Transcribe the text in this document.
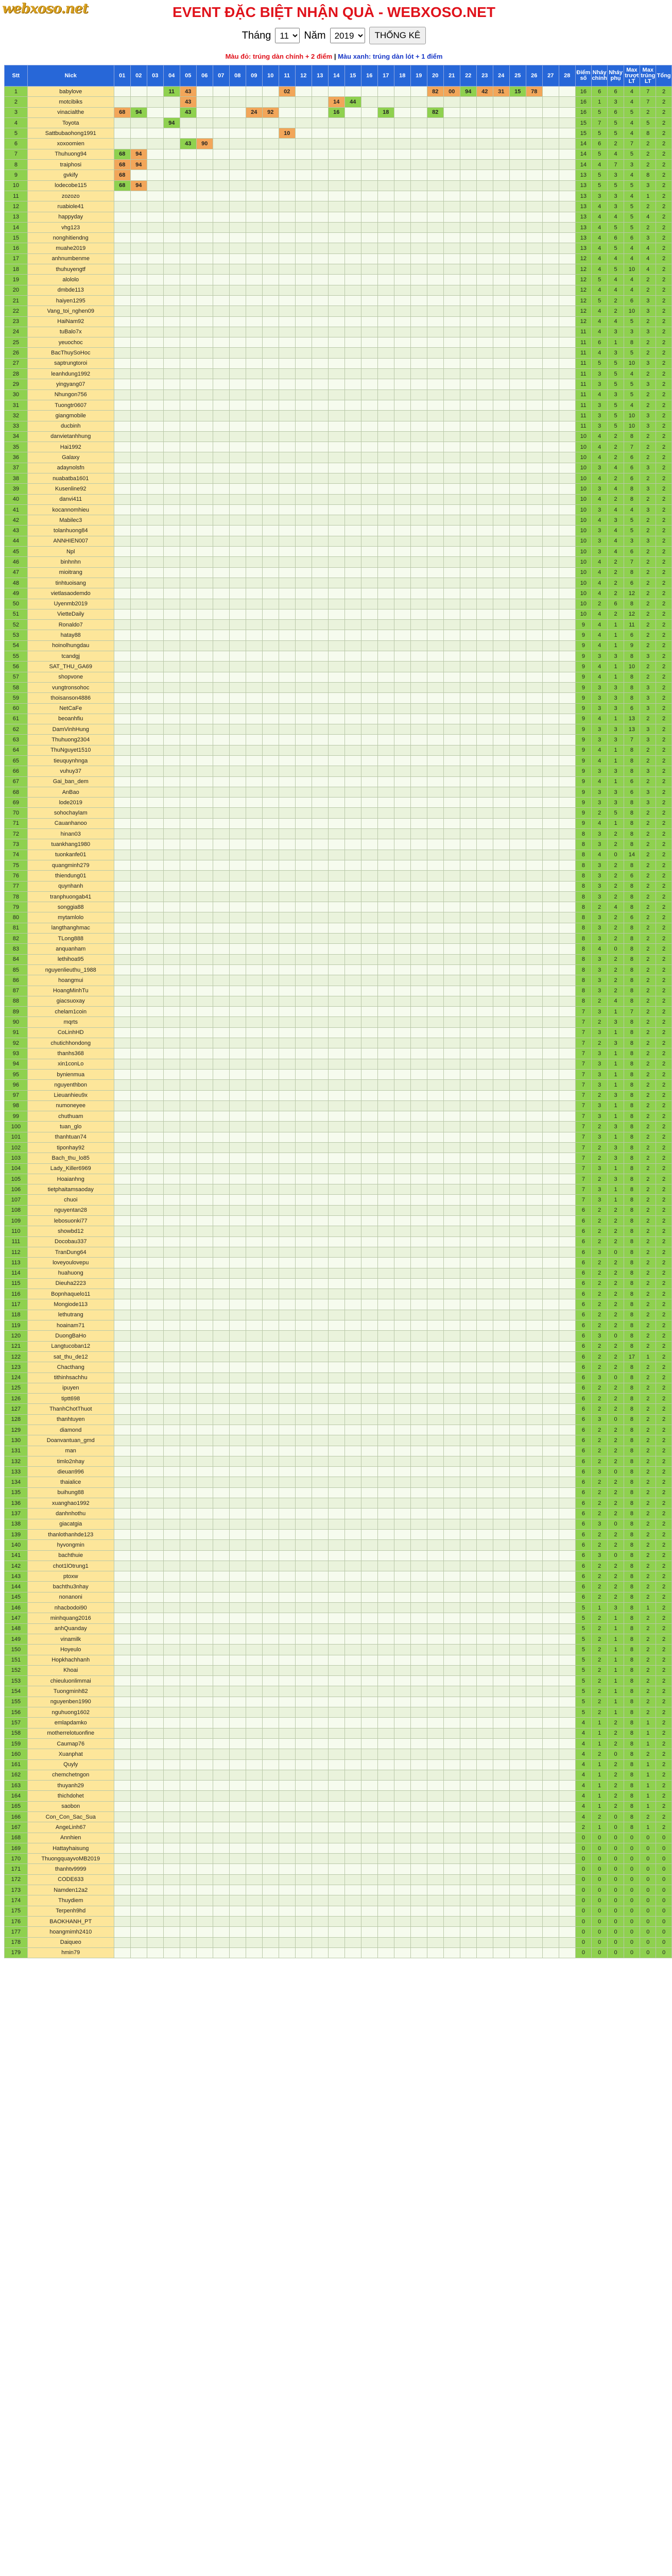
webxoso.net	EVENT ĐẶC BIỆT NHẬN QUÀ - WEBXOSO.NET
Tháng
11	Năm
2019	THỐNG KÊ
Màu đỏ: trúng dàn chính + 2 điểm | Màu xanh: trúng dàn lót + 1 điểm
Stt	Nick	01	02	03	04	05	06	07	08	09	10	11	12	13	14	15	16	17	18	19	20	21	22	23	24	25	26	27	28	Điểm số	Nháy chính	Nháy phụ	Max trượt LT	Max trúng LT	Tổng
1	babylove				11	43						02									82	00	94	42	31	15	78			16	6	6	4	7	2
2	motcibiks					43									14	44														16	1	3	4	7	2
3	vinacialthe	68	94			43				24	92				16			18			82									16	5	6	5	2	2
4	Toyota				94																									15	7	5	4	5	2
5	Sattbubaohong1991											10																		15	5	5	4	8	2
6	xoxoomien					43	90																							14	6	2	7	2	2
7	Thuhuong94	68	94																											14	5	4	5	2	2
8	traiphosi	68	94																											14	4	7	3	2	2
9	gvkify	68																												13	5	3	4	8	2
10	lodecobe115	68	94																											13	5	5	5	3	2
11	zozozo																													13	3	3	4	1	2
12	ruabiole41																													13	4	3	5	2	2
13	happyday																													13	4	4	5	4	2
14	vhg123																													13	4	5	5	2	2
15	nonghitiendng																													13	4	6	6	3	2
16	muahe2019																													13	4	5	4	4	2
17	anhnumbenme																													12	4	4	4	4	2
18	thuhuyengtf																													12	4	5	10	4	2
19	alololo																													12	5	4	4	2	2
20	dmbde113																													12	4	4	4	2	2
21	haiyen1295																													12	5	2	6	3	2
22	Vang_toi_nghen09																													12	4	2	10	3	2
23	HaiNam92																													12	4	4	5	2	2
24	tuBalo7x																													11	4	3	3	3	2
25	yeuochoc																													11	6	1	8	2	2
26	BacThuySoHoc																													11	4	3	5	2	2
27	saptrungtoroi																													11	5	5	10	3	2
28	leanhdung1992																													11	3	5	4	2	2
29	yingyang07																													11	3	5	5	3	2
30	Nhungon756																													11	4	3	5	2	2
31	Tuongtr0607																													11	3	5	4	2	2
32	giangmobile																													11	3	5	10	3	2
33	ducbinh																													11	3	5	10	3	2
34	danvietanhhung																													10	4	2	8	2	2
35	Hai1992																													10	4	2	7	2	2
36	Galaxy																													10	4	2	6	2	2
37	adaynolsfn																													10	3	4	6	3	2
38	nuabatba1601																													10	4	2	6	2	2
39	Kusenline92																													10	3	4	8	3	2
40	danvi411																													10	4	2	8	2	2
41	kocannomhieu																													10	3	4	4	3	2
42	Mabilec3																													10	4	3	5	2	2
43	tolanhuong84																													10	3	4	5	2	2
44	ANNHIEN007																													10	3	4	3	3	2
45	Npl																													10	3	4	6	2	2
46	binhnhn																													10	4	2	7	2	2
47	mioitrang																													10	4	2	8	2	2
48	tinhtuoisang																													10	4	2	6	2	2
49	vietlasaodemdo																													10	4	2	12	2	2
50	Uyenmb2019																													10	2	6	8	2	2
51	VietteDaily																													10	4	2	12	2	2
52	Ronaldo7																													9	4	1	11	2	2
53	hatay88																													9	4	1	6	2	2
54	hoinolhungdau																													9	4	1	9	2	2
55	tcandgj																													9	3	3	8	3	2
56	SAT_THU_GA69																													9	4	1	10	2	2
57	shopvone																													9	4	1	8	2	2
58	vungtronsohoc																													9	3	3	8	3	2
59	thoisanson4886																													9	3	3	8	3	2
60	NetCaFe																													9	3	3	6	3	2
61	beoanhfiu																													9	4	1	13	2	2
62	DamVinhHung																													9	3	3	13	3	2
63	Thuhuong2304																													9	3	3	7	3	2
64	ThuNguyet1510																													9	4	1	8	2	2
65	tieuquynhnga																													9	4	1	8	2	2
66	vuhuy37																													9	3	3	8	3	2
67	Gai_ban_dem																													9	4	1	6	2	2
68	AnBao																													9	3	3	6	3	2
69	lode2019																													9	3	3	8	3	2
70	sohochaylam																													9	2	5	8	2	2
71	Cauanhanoo																													9	4	1	8	2	2
72	hinan03																													8	3	2	8	2	2
73	tuankhang1980																													8	3	2	8	2	2
74	tuonkanfe01																													8	4	0	14	2	2
75	quangminh279																													8	3	2	8	2	2
76	thiendung01																													8	3	2	6	2	2
77	quynhanh																													8	3	2	8	2	2
78	tranphuongab41																													8	3	2	8	2	2
79	songgia88																													8	2	4	8	2	2
80	mytamlolo																													8	3	2	6	2	2
81	langthanghmac																													8	3	2	8	2	2
82	TLong888																													8	3	2	8	2	2
83	anquanham																													8	4	0	8	2	2
84	lethihoa95																													8	3	2	8	2	2
85	nguyenlieuthu_1988																													8	3	2	8	2	2
86	hoangmui																													8	3	2	8	2	2
87	HoangMinhTu																													8	3	2	8	2	2
88	giacsuoxay																													8	2	4	8	2	2
89	chelam1coin																													7	3	1	7	2	2
90	mqrts																													7	2	3	8	2	2
91	CoLinhHD																													7	3	1	8	2	2
92	chutichhondong																													7	2	3	8	2	2
93	thanhs368																													7	3	1	8	2	2
94	xin1conLo																													7	3	1	8	2	2
95	bynienmua																													7	3	1	8	2	2
96	nguyenthbon																													7	3	1	8	2	2
97	Lieuanhieu9x																													7	2	3	8	2	2
98	numoneyee																													7	3	1	8	2	2
99	chuthuam																													7	3	1	8	2	2
100	tuan_glo																													7	2	3	8	2	2
101	thanhtuan74																													7	3	1	8	2	2
102	tiponhay92																													7	2	3	8	2	2
103	Bach_thu_lo85																													7	2	3	8	2	2
104	Lady_Killer6969																													7	3	1	8	2	2
105	Hoaianhng																													7	2	3	8	2	2
106	tietphaitamsaoday																													7	3	1	8	2	2
107	chuoi																													7	3	1	8	2	2
108	nguyentan28																													6	2	2	8	2	2
109	lebosuonki77																													6	2	2	8	2	2
110	showbd12																													6	2	2	8	2	2
111	Docobau337																													6	2	2	8	2	2
112	TranDung64																													6	3	0	8	2	2
113	loveyoulovepu																													6	2	2	8	2	2
114	huahuong																													6	2	2	8	2	2
115	Dieuha2223																													6	2	2	8	2	2
116	Bopnhaquelo11																													6	2	2	8	2	2
117	Mongiode113																													6	2	2	8	2	2
118	lethutrang																													6	2	2	8	2	2
119	hoainam71																													6	2	2	8	2	2
120	DuongBaHo																													6	3	0	8	2	2
121	Langtucoban12																													6	2	2	8	2	2
122	sat_thu_de12																													6	2	2	17	1	2
123	Chacthang																													6	2	2	8	2	2
124	tithinhsachhu																													6	3	0	8	2	2
125	ipuyen																													6	2	2	8	2	2
126	tiptt698																													6	2	2	8	2	2
127	ThanhChotThuot																													6	2	2	8	2	2
128	thanhtuyen																													6	3	0	8	2	2
129	diamond																													6	2	2	8	2	2
130	Doanvantuan_gmd																													6	2	2	8	2	2
131	man																													6	2	2	8	2	2
132	timlo2nhay																													6	2	2	8	2	2
133	dieuan996																													6	3	0	8	2	2
134	thaialice																													6	2	2	8	2	2
135	buihung88																													6	2	2	8	2	2
136	xuanghao1992																													6	2	2	8	2	2
137	danhnhothu																													6	2	2	8	2	2
138	giacatgia																													6	3	0	8	2	2
139	thanlothanhde123																													6	2	2	8	2	2
140	hyvongmin																													6	2	2	8	2	2
141	bachthuie																													6	3	0	8	2	2
142	chot1lOtrung1																													6	2	2	8	2	2
143	ptoxw																													6	2	2	8	2	2
144	bachthu3nhay																													6	2	2	8	2	2
145	nonanoni																													6	2	2	8	2	2
146	nhacbodoi90																													5	1	3	8	1	2
147	minhquang2016																													5	2	1	8	2	2
148	anhQuanday																													5	2	1	8	2	2
149	vinamilk																													5	2	1	8	2	2
150	Hoyeulo																													5	2	1	8	2	2
151	Hopkhachhanh																													5	2	1	8	2	2
152	Khoai																													5	2	1	8	2	2
153	chieuluonlimmai																													5	2	1	8	2	2
154	Tuongminh82																													5	2	1	8	2	2
155	nguyenben1990																													5	2	1	8	2	2
156	nguhuong1602																													5	2	1	8	2	2
157	emlapdamko																													4	1	2	8	1	2
158	motherrelotuonfine																													4	1	2	8	1	2
159	Caumap76																													4	1	2	8	1	2
160	Xuanphat																													4	2	0	8	2	2
161	Quyly																													4	1	2	8	1	2
162	chemchetngon																													4	1	2	8	1	2
163	thuyanh29																													4	1	2	8	1	2
164	thichdohet																													4	1	2	8	1	2
165	saobon																													4	1	2	8	1	2
166	Con_Con_Sac_Sua																													4	2	0	8	2	2
167	AngeLinh67																													2	1	0	8	1	2
168	Annhien																													0	0	0	0	0	0
169	Hattayhaisung																													0	0	0	0	0	0
170	ThuongquayvoMB2019																													0	0	0	0	0	0
171	thanhtv9999																													0	0	0	0	0	0
172	CODE633																													0	0	0	0	0	0
173	Namden12a2																													0	0	0	0	0	0
174	Thuydiem																													0	0	0	0	0	0
175	Terpenh9hd																													0	0	0	0	0	0
176	BAOKHANH_PT																													0	0	0	0	0	0
177	hoangmimh2410																													0	0	0	0	0	0
178	Daiqueo																													0	0	0	0	0	0
179	hmin79																													0	0	0	0	0	0
